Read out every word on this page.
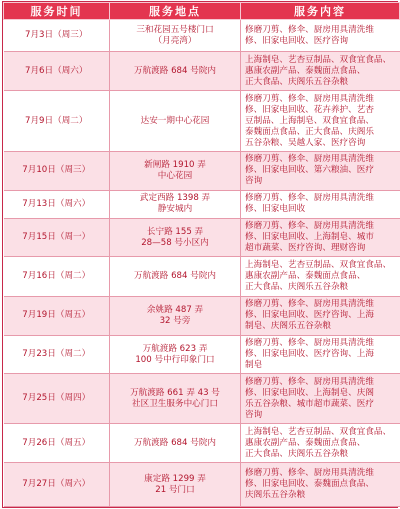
服务时间	服务地点	服务内容
7月3日（周三）	三和花园五号楼门口
（月亮湾）	修磨刀剪、修伞、厨房用具清洗维
修、旧家电回收、医疗咨询

7月6日（周六）	万航渡路 684 号院内	上海制皂、艺杏豆制品、双食宜食品、
惠康农副产品、泰魏面点食品、
正大食品、庆阁乐五谷杂粮

7月9日（周二）	达安一期中心花园	修磨刀剪、修伞、厨房用具清洗维
修、旧家电回收、花卉养护、艺杏
豆制品、上海制皂、双食宜食品、
泰魏面点食品、正大食品、庆阁乐
五谷杂粮、吴越人家、医疗咨询

7月10日（周三）	新闸路 1910 弄
中心花园	修磨刀剪、修伞、厨房用具清洗维
修、旧家电回收、第六粮油、医疗
咨询

7月13日（周六）	武定西路 1398 弄
静安城内	修磨刀剪、修伞、厨房用具清洗维
修、旧家电回收

7月15日（周一）	长宁路 155 弄
28—58 号小区内	修磨刀剪、修伞、厨房用具清洗维
修、旧家电回收、上海制皂、城市
超市蔬菜、医疗咨询、理财咨询

7月16日（周二）	万航渡路 684 号院内	上海制皂、艺杏豆制品、双食宜食品、
惠康农副产品、泰魏面点食品、
正大食品、庆阁乐五谷杂粮

7月19日（周五）	余姚路 487 弄
32 号旁	修磨刀剪、修伞、厨房用具清洗维
修、旧家电回收、医疗咨询、上海
制皂、庆阁乐五谷杂粮

7月23日（周二）	万航渡路 623 弄
100 号中行印象门口	修磨刀剪、修伞、厨房用具清洗维
修、旧家电回收、医疗咨询、上海
制皂

7月25日（周四）	万航渡路 661 弄 43 号
社区卫生服务中心门口	修磨刀剪、修伞、厨房用具清洗维
修、旧家电回收、上海制皂、庆阁
乐五谷杂粮、城市超市蔬菜、医疗
咨询

7月26日（周五）	万航渡路 684 号院内	上海制皂、艺杏豆制品、双食宜食品、
惠康农副产品、泰魏面点食品、
正大食品、庆阁乐五谷杂粮

7月27日（周六）	康定路 1299 弄
21 号门口	修磨刀剪、修伞、厨房用具清洗维
修、旧家电回收、泰魏面点食品、
庆阁乐五谷杂粮
